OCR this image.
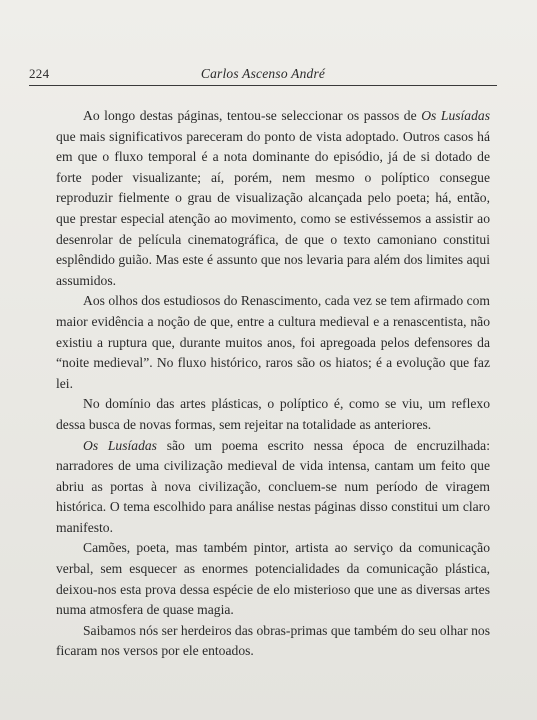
224	Carlos Ascenso André

Ao longo destas páginas, tentou-se seleccionar os passos de Os Lusíadas que mais significativos pareceram do ponto de vista adoptado. Outros casos há em que o fluxo temporal é a nota dominante do episódio, já de si dotado de forte poder visualizante; aí, porém, nem mesmo o políptico consegue reproduzir fielmente o grau de visualização alcançada pelo poeta; há, então, que prestar especial atenção ao movimento, como se estivéssemos a assistir ao desenrolar de película cinematográfica, de que o texto camoniano constitui esplêndido guião. Mas este é assunto que nos levaria para além dos limites aqui assumidos.

Aos olhos dos estudiosos do Renascimento, cada vez se tem afirmado com maior evidência a noção de que, entre a cultura medieval e a renascentista, não existiu a ruptura que, durante muitos anos, foi apregoada pelos defensores da “noite medieval”. No fluxo histórico, raros são os hiatos; é a evolução que faz lei.

No domínio das artes plásticas, o políptico é, como se viu, um reflexo dessa busca de novas formas, sem rejeitar na totalidade as anteriores.

Os Lusíadas são um poema escrito nessa época de encruzilhada: narradores de uma civilização medieval de vida intensa, cantam um feito que abriu as portas à nova civilização, concluem-se num período de viragem histórica. O tema escolhido para análise nestas páginas disso constitui um claro manifesto.

Camões, poeta, mas também pintor, artista ao serviço da comunicação verbal, sem esquecer as enormes potencialidades da comunicação plástica, deixou-nos esta prova dessa espécie de elo misterioso que une as diversas artes numa atmosfera de quase magia.

Saibamos nós ser herdeiros das obras-primas que também do seu olhar nos ficaram nos versos por ele entoados.
